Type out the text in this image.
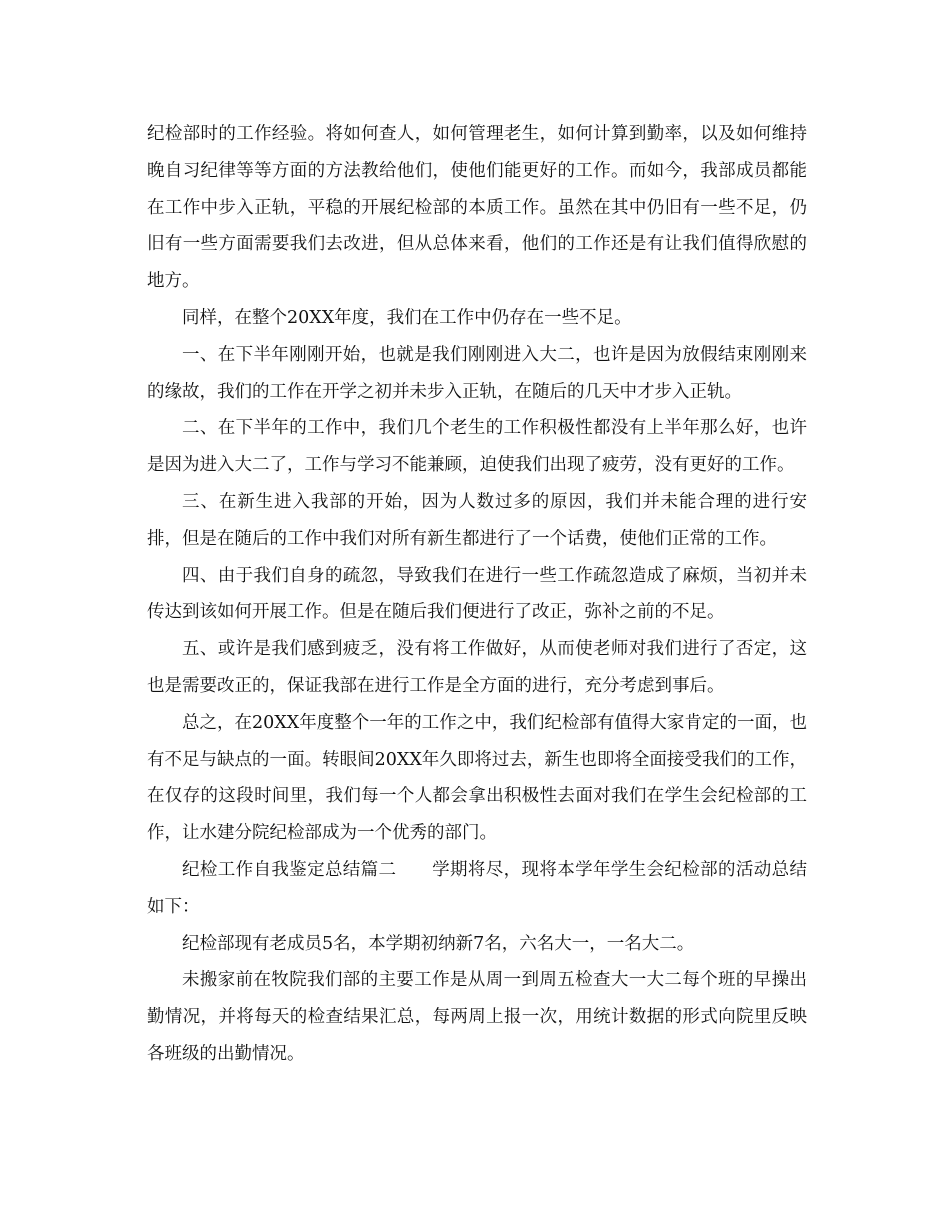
纪检部时的工作经验。将如何查人，如何管理老生，如何计算到勤率，以及如何维持晚自习纪律等等方面的方法教给他们，使他们能更好的工作。而如今，我部成员都能在工作中步入正轨，平稳的开展纪检部的本质工作。虽然在其中仍旧有一些不足，仍旧有一些方面需要我们去改进，但从总体来看，他们的工作还是有让我们值得欣慰的地方。

同样，在整个20XX年度，我们在工作中仍存在一些不足。

一、在下半年刚刚开始，也就是我们刚刚进入大二，也许是因为放假结束刚刚来的缘故，我们的工作在开学之初并未步入正轨，在随后的几天中才步入正轨。

二、在下半年的工作中，我们几个老生的工作积极性都没有上半年那么好，也许是因为进入大二了，工作与学习不能兼顾，迫使我们出现了疲劳，没有更好的工作。

三、在新生进入我部的开始，因为人数过多的原因，我们并未能合理的进行安排，但是在随后的工作中我们对所有新生都进行了一个话费，使他们正常的工作。

四、由于我们自身的疏忽，导致我们在进行一些工作疏忽造成了麻烦，当初并未传达到该如何开展工作。但是在随后我们便进行了改正，弥补之前的不足。

五、或许是我们感到疲乏，没有将工作做好，从而使老师对我们进行了否定，这也是需要改正的，保证我部在进行工作是全方面的进行，充分考虑到事后。

总之，在20XX年度整个一年的工作之中，我们纪检部有值得大家肯定的一面，也有不足与缺点的一面。转眼间20XX年久即将过去，新生也即将全面接受我们的工作，在仅存的这段时间里，我们每一个人都会拿出积极性去面对我们在学生会纪检部的工作，让水建分院纪检部成为一个优秀的部门。

纪检工作自我鉴定总结篇二　　学期将尽，现将本学年学生会纪检部的活动总结如下：

纪检部现有老成员5名，本学期初纳新7名，六名大一，一名大二。

未搬家前在牧院我们部的主要工作是从周一到周五检查大一大二每个班的早操出勤情况，并将每天的检查结果汇总，每两周上报一次，用统计数据的形式向院里反映各班级的出勤情况。
